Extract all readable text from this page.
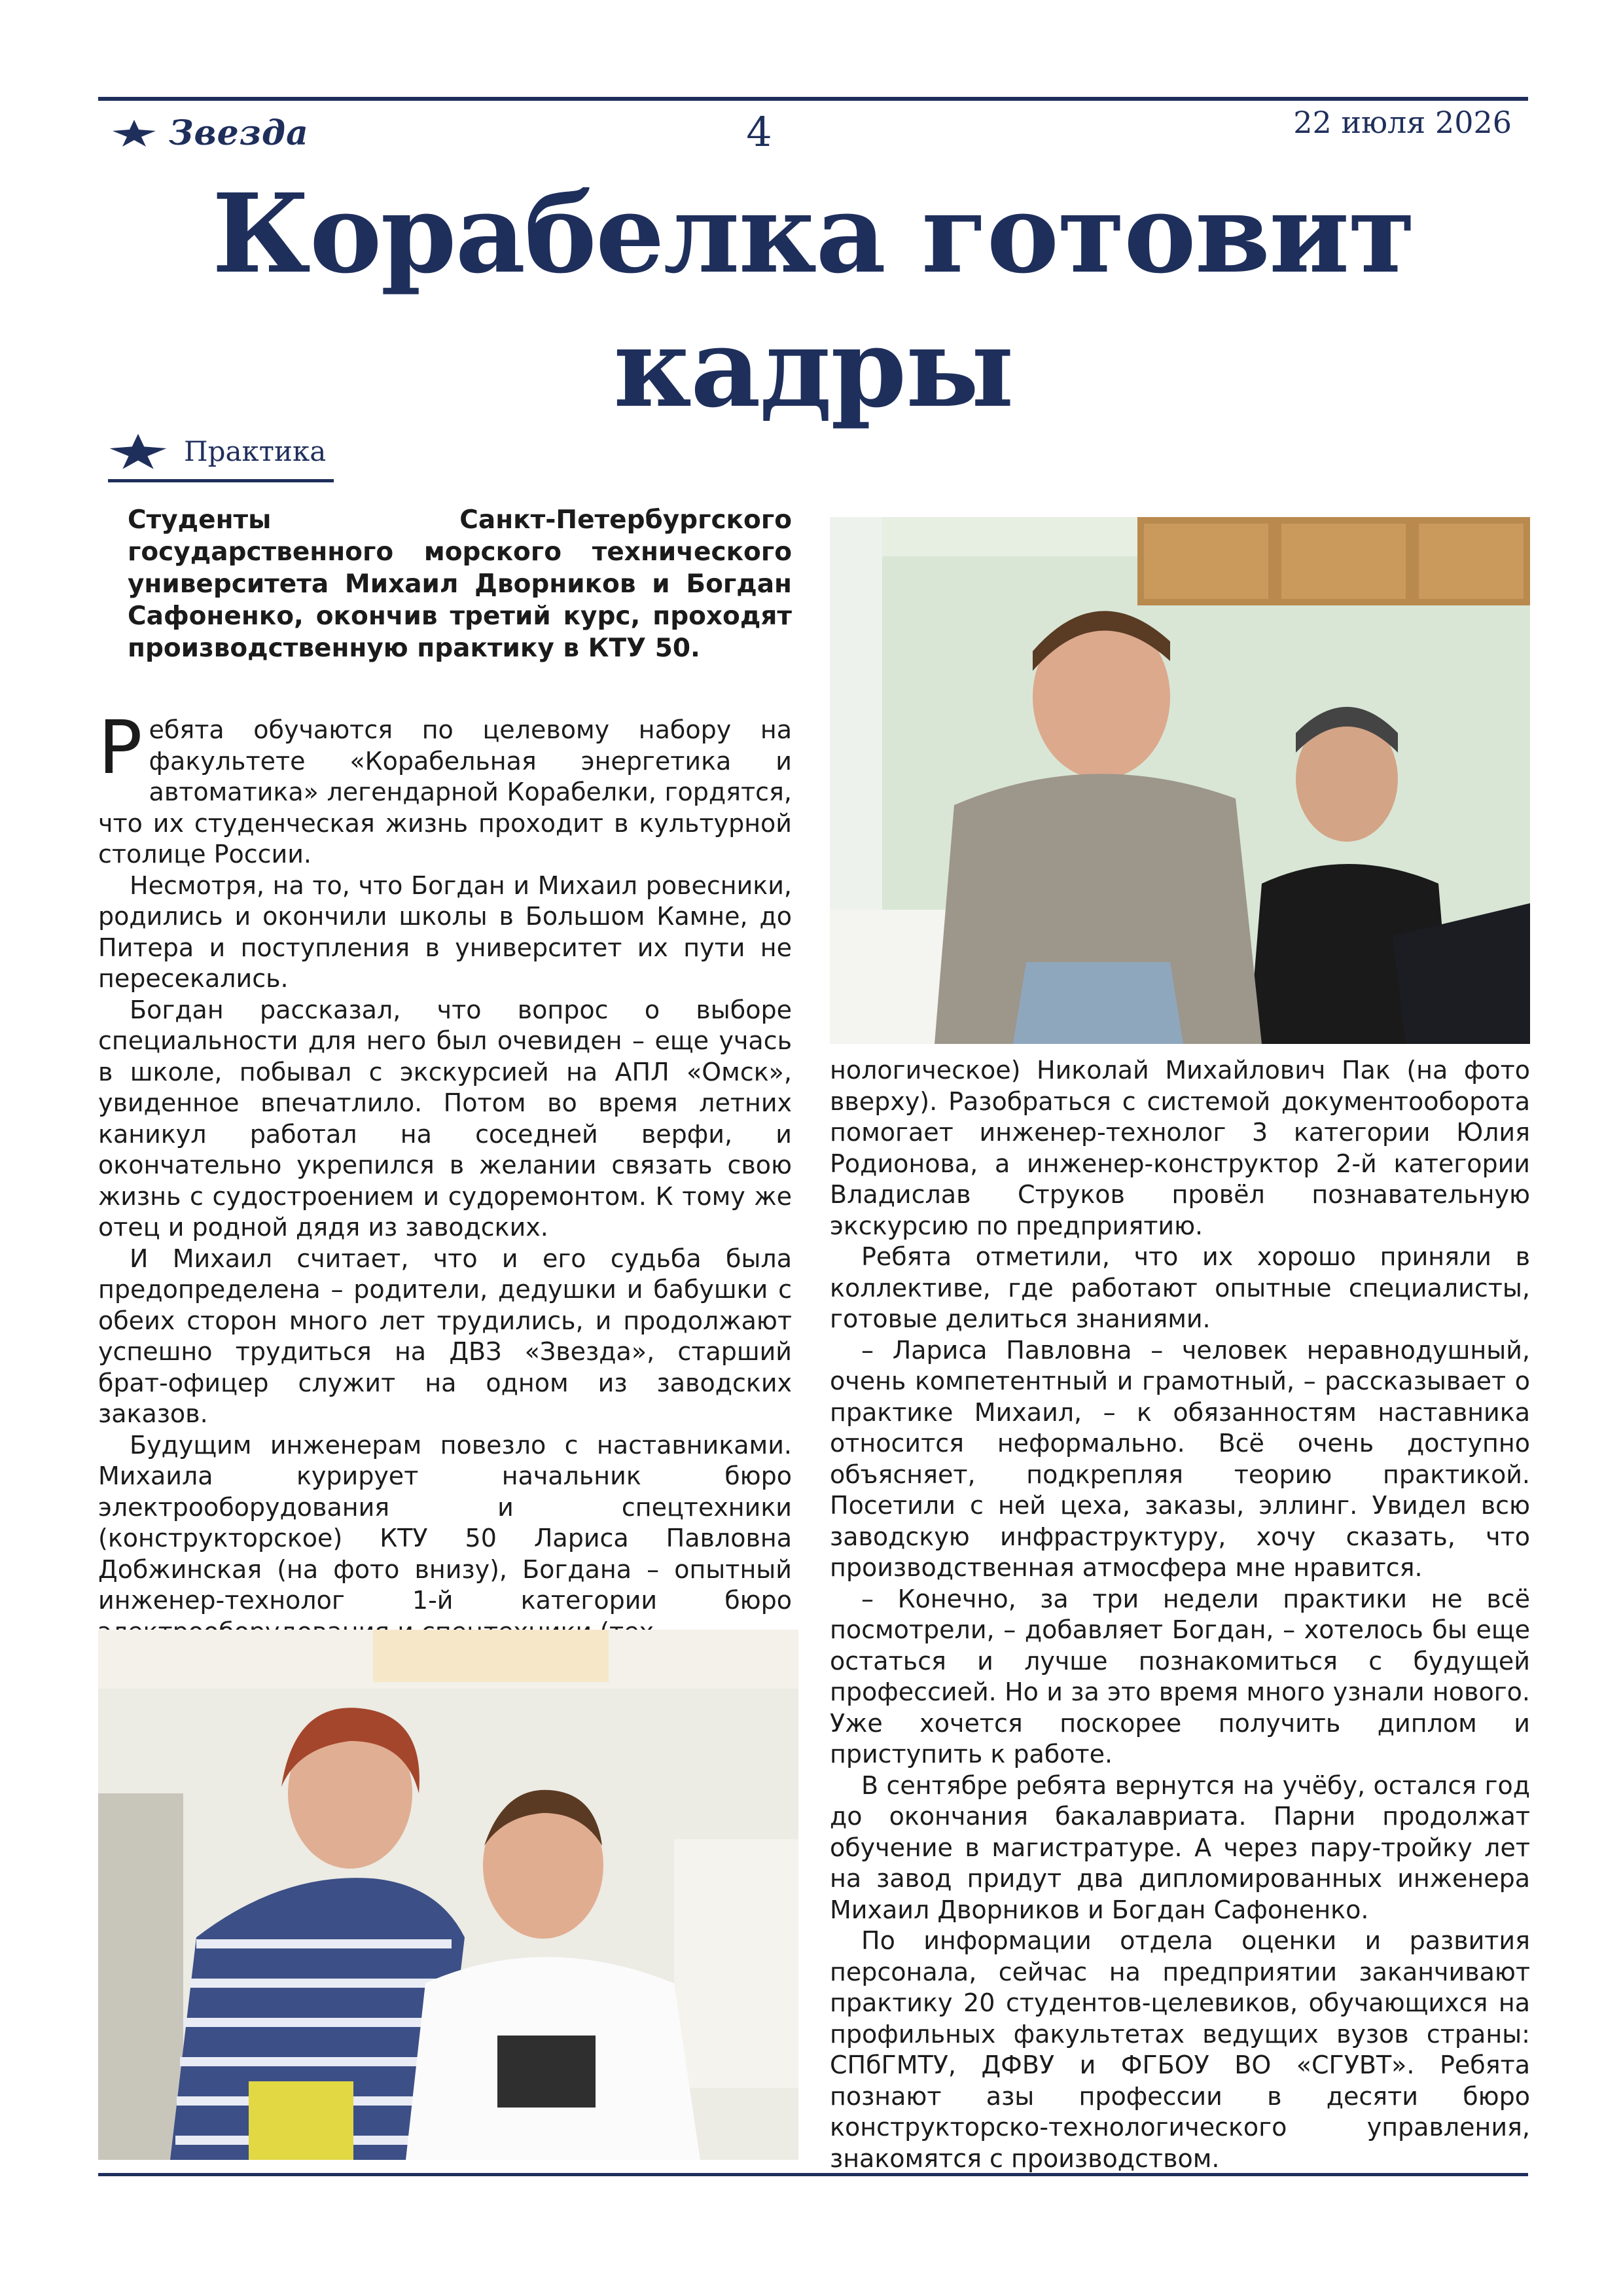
Звезда	4	22 июля 2026
Корабелка готовит кадры
Практика

Студенты Санкт-Петербургского государственного морского технического университета Михаил Дворников и Богдан Сафоненко, окончив третий курс, проходят производственную практику в КТУ 50.

Ребята обучаются по целевому набору на факультете «Корабельная энергетика и автоматика» легендарной Корабелки, гордятся, что их студенческая жизнь проходит в культурной столице России.

Несмотря, на то, что Богдан и Михаил ровесники, родились и окончили школы в Большом Камне, до Питера и поступления в университет их пути не пересекались.

Богдан рассказал, что вопрос о выборе специальности для него был очевиден – еще учась в школе, побывал с экскурсией на АПЛ «Омск», увиденное впечатлило. Потом во время летних каникул работал на соседней верфи, и окончательно укрепился в желании связать свою жизнь с судостроением и судоремонтом. К тому же отец и родной дядя из заводских.

И Михаил считает, что и его судьба была предопределена – родители, дедушки и бабушки с обеих сторон много лет трудились, и продолжают успешно трудиться на ДВЗ «Звезда», старший брат-офицер служит на одном из заводских заказов.

Будущим инженерам повезло с наставниками. Михаила курирует начальник бюро электрооборудования и спецтехники (конструкторское) КТУ 50 Лариса Павловна Добжинская (на фото внизу), Богдана – опытный инженер-технолог 1-й категории бюро

нологическое) Николай Михайлович Пак (на фото вверху). Разобраться с системой документооборота помогает инженер-технолог 3 категории Юлия Родионова, а инженер-конструктор 2-й категории Владислав Струков провёл познавательную экскурсию по предприятию.

Ребята отметили, что их хорошо приняли в коллективе, где работают опытные специалисты, готовые делиться знаниями.

– Лариса Павловна – человек неравнодушный, очень компетентный и грамотный, – рассказывает о практике Михаил, – к обязанностям наставника относится неформально. Всё очень доступно объясняет, подкрепляя теорию практикой. Посетили с ней цеха, заказы, эллинг. Увидел всю заводскую инфраструктуру, хочу сказать, что производственная атмосфера мне нравится.

– Конечно, за три недели практики не всё посмотрели, – добавляет Богдан, – хотелось бы еще остаться и лучше познакомиться с будущей профессией. Но и за это время много узнали нового. Уже хочется поскорее получить диплом и приступить к работе.

В сентябре ребята вернутся на учёбу, остался год до окончания бакалавриата. Парни продолжат обучение в магистратуре. А через пару-тройку лет на завод придут два дипломированных инженера Михаил Дворников и Богдан Сафоненко.

По информации отдела оценки и развития персонала, сейчас на предприятии заканчивают практику 20 студентов-целевиков, обучающихся на профильных факультетах ведущих вузов страны: СПбГМТУ, ДФВУ и ФГБОУ ВО «СГУВТ». Ребята познают азы профессии в десяти бюро конструкторско-технологического управления, знакомятся с производством.
